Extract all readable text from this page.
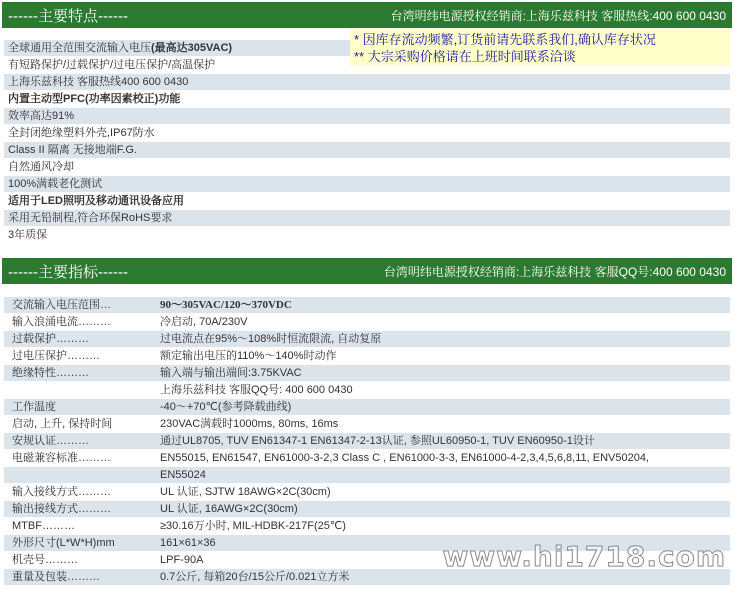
------主要特点------	台湾明纬电源授权经销商:上海乐兹科技 客服热线:400 600 0430
全球通用全范围交流输入电压(最高达305VAC)
有短路保护/过载保护/过电压保护/高温保护
上海乐兹科技 客服热线400 600 0430
内置主动型PFC(功率因素校正)功能
效率高达91%
全封闭绝缘塑料外壳,IP67防水
Class II 隔离 无接地端F.G.
自然通风冷却
100%满载老化测试
适用于LED照明及移动通讯设备应用
采用无铅制程,符合环保RoHS要求
3年质保
* 因库存流动频繁,订货前请先联系我们,确认库存状况
** 大宗采购价格请在上班时间联系洽谈
------主要指标------	台湾明纬电源授权经销商:上海乐兹科技 客服QQ号:400 600 0430
交流输入电压范围…	90～305VAC/120～370VDC
输入浪涌电流………	冷启动, 70A/230V
过载保护………	过电流点在95%～108%时恒流限流, 自动复原
过电压保护………	额定输出电压的110%～140%时动作
绝缘特性………	输入端与输出端间:3.75KVAC
上海乐兹科技 客服QQ号: 400 600 0430
工作温度	-40～+70℃(参考降载曲线)
启动, 上升, 保持时间	230VAC满载时1000ms, 80ms, 16ms
安规认证………	通过UL8705, TUV EN61347-1 EN61347-2-13认证, 参照UL60950-1, TUV EN60950-1设计
电磁兼容标准………	EN55015, EN61547, EN61000-3-2,3 Class C , EN61000-3-3, EN61000-4-2,3,4,5,6,8,11, ENV50204,
EN55024
输入接线方式………	UL 认证, SJTW 18AWG×2C(30cm)
输出接线方式………	UL 认证, 16AWG×2C(30cm)
MTBF………	≥30.16万小时, MIL-HDBK-217F(25℃)
外形尺寸(L*W*H)mm	161×61×36
机壳号………	LPF-90A
重量及包装………	0.7公斤, 每箱20台/15公斤/0.021立方米
www.hi1718.com
